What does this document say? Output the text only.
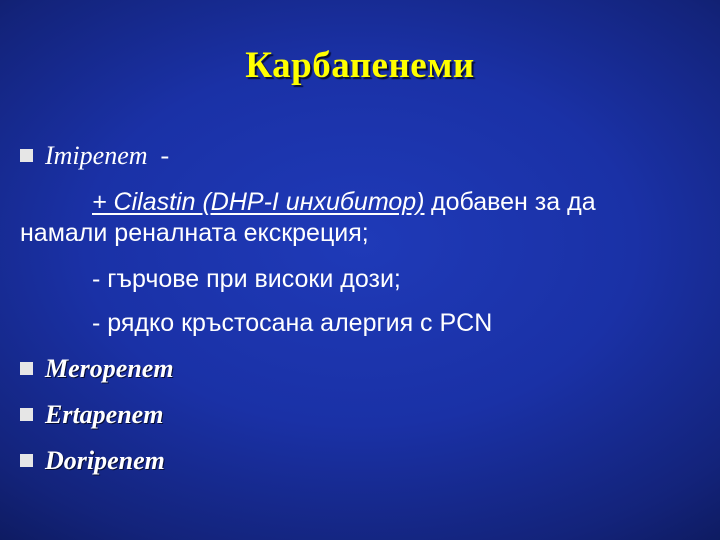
Карбапенеми
Imipenem -
+ Cilastin (DHP-I инхибитор) добавен за да
намали реналната екскреция;
- гърчове при високи дози;
- рядко кръстосана алергия с PCN
Meropenem
Ertapenem
Doripenem
